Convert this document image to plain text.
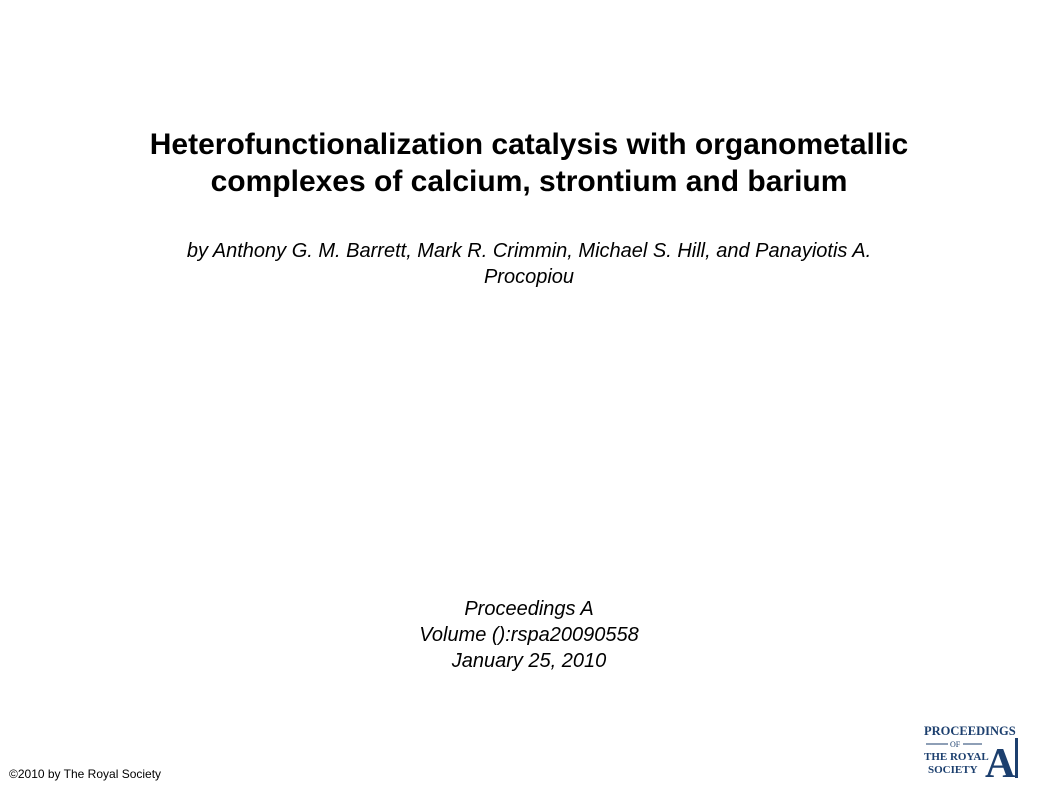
Heterofunctionalization catalysis with organometallic
complexes of calcium, strontium and barium

by Anthony G. M. Barrett, Mark R. Crimmin, Michael S. Hill, and Panayiotis A.
Procopiou

Proceedings A
Volume ():rspa20090558
January 25, 2010
©2010 by The Royal Society
PROCEEDINGS
OF
THE ROYAL
SOCIETY A
